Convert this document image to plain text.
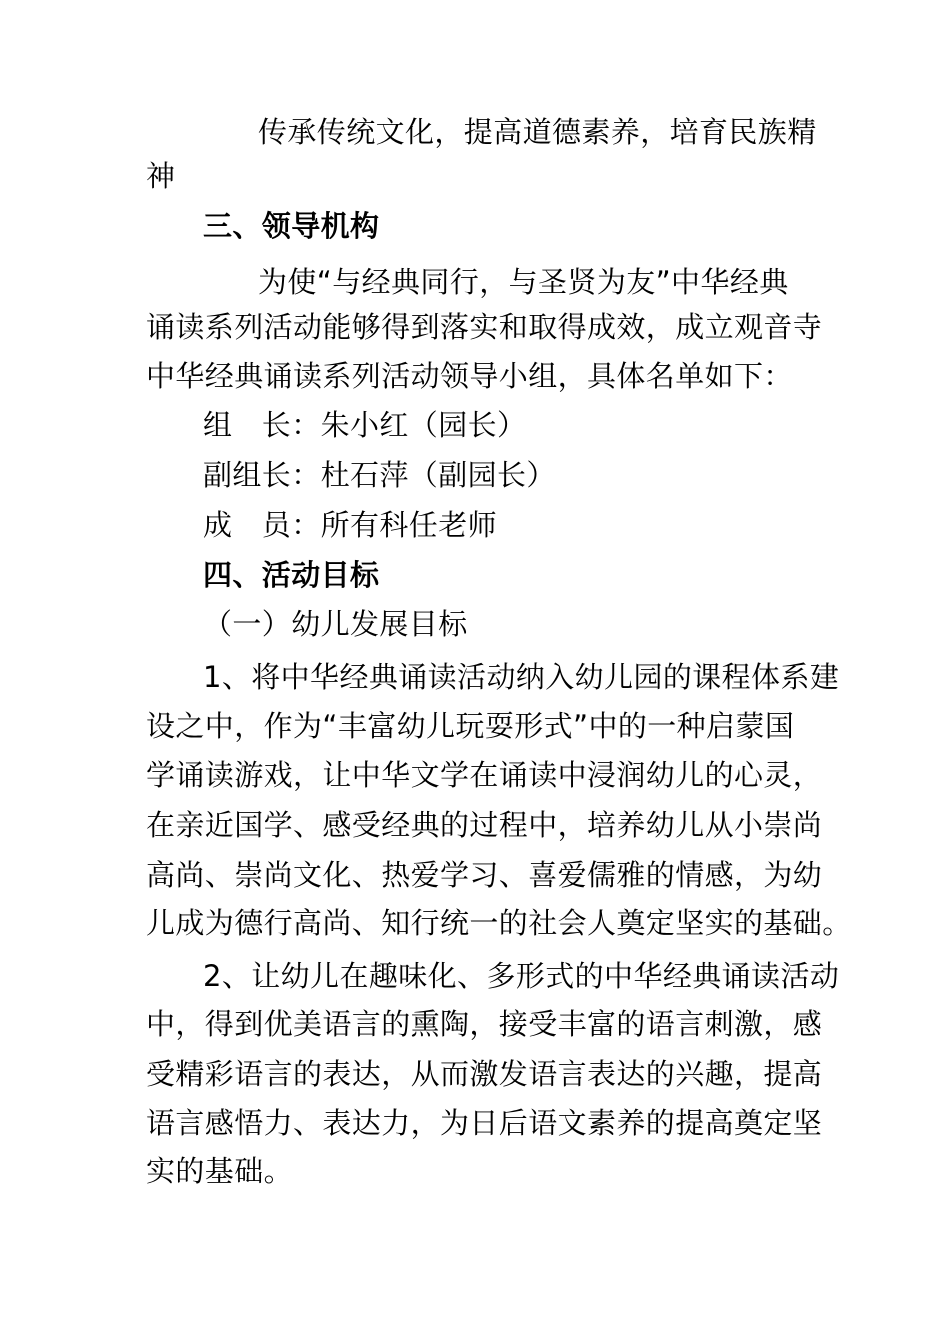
传承传统文化，提高道德素养，培育民族精
神
三、领导机构
为使“与经典同行，与圣贤为友”中华经典
诵读系列活动能够得到落实和取得成效，成立观音寺
中华经典诵读系列活动领导小组，具体名单如下：
组　长：朱小红（园长）
副组长：杜石萍（副园长）
成　员：所有科任老师
四、活动目标
（一）幼儿发展目标
1、将中华经典诵读活动纳入幼儿园的课程体系建
设之中，作为“丰富幼儿玩耍形式”中的一种启蒙国
学诵读游戏，让中华文学在诵读中浸润幼儿的心灵，
在亲近国学、感受经典的过程中，培养幼儿从小崇尚
高尚、崇尚文化、热爱学习、喜爱儒雅的情感，为幼
儿成为德行高尚、知行统一的社会人奠定坚实的基础。
2、让幼儿在趣味化、多形式的中华经典诵读活动
中，得到优美语言的熏陶，接受丰富的语言刺激，感
受精彩语言的表达，从而激发语言表达的兴趣，提高
语言感悟力、表达力，为日后语文素养的提高奠定坚
实的基础。
